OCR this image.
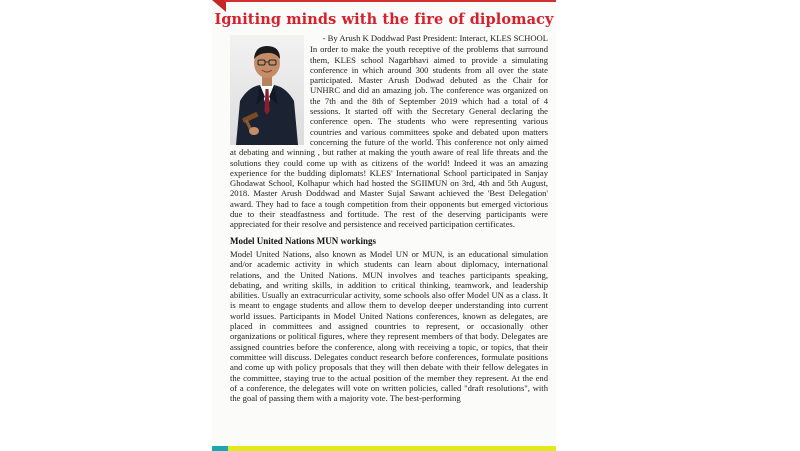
Igniting minds with the fire of diplomacy
- By Arush K Doddwad Past President: Interact, KLES SCHOOL

In order to make the youth receptive of the problems that surround them, KLES school Nagarbhavi aimed to provide a simulating conference in which around 300 students from all over the state participated. Master Arush Dodwad debuted as the Chair for UNHRC and did an amazing job. The conference was organized on the 7th and the 8th of September 2019 which had a total of 4 sessions. It started off with the Secretary General declaring the conference open. The students who were representing various countries and various committees spoke and debated upon matters concerning the future of the world. This conference not only aimed at debating and winning , but rather at making the youth aware of real life threats and the solutions they could come up with as citizens of the world! Indeed it was an amazing experience for the budding diplomats! KLES' International School participated in Sanjay Ghodawat School, Kolhapur which had hosted the SGIIMUN on 3rd, 4th and 5th August, 2018. Master Arush Doddwad and Master Sujal Sawant achieved the 'Best Delegation' award. They had to face a tough competition from their opponents but emerged victorious due to their steadfastness and fortitude. The rest of the deserving participants were appreciated for their resolve and persistence and received participation certificates.

Model United Nations MUN workings

Model United Nations, also known as Model UN or MUN, is an educational simulation and/or academic activity in which students can learn about diplomacy, international relations, and the United Nations. MUN involves and teaches participants speaking, debating, and writing skills, in addition to critical thinking, teamwork, and leadership abilities. Usually an extracurricular activity, some schools also offer Model UN as a class. It is meant to engage students and allow them to develop deeper understanding into current world issues. Participants in Model United Nations conferences, known as delegates, are placed in committees and assigned countries to represent, or occasionally other organizations or political figures, where they represent members of that body. Delegates are assigned countries before the conference, along with receiving a topic, or topics, that their committee will discuss. Delegates conduct research before conferences, formulate positions and come up with policy proposals that they will then debate with their fellow delegates in the committee, staying true to the actual position of the member they represent. At the end of a conference, the delegates will vote on written policies, called "draft resolutions", with the goal of passing them with a majority vote. The best-performing
